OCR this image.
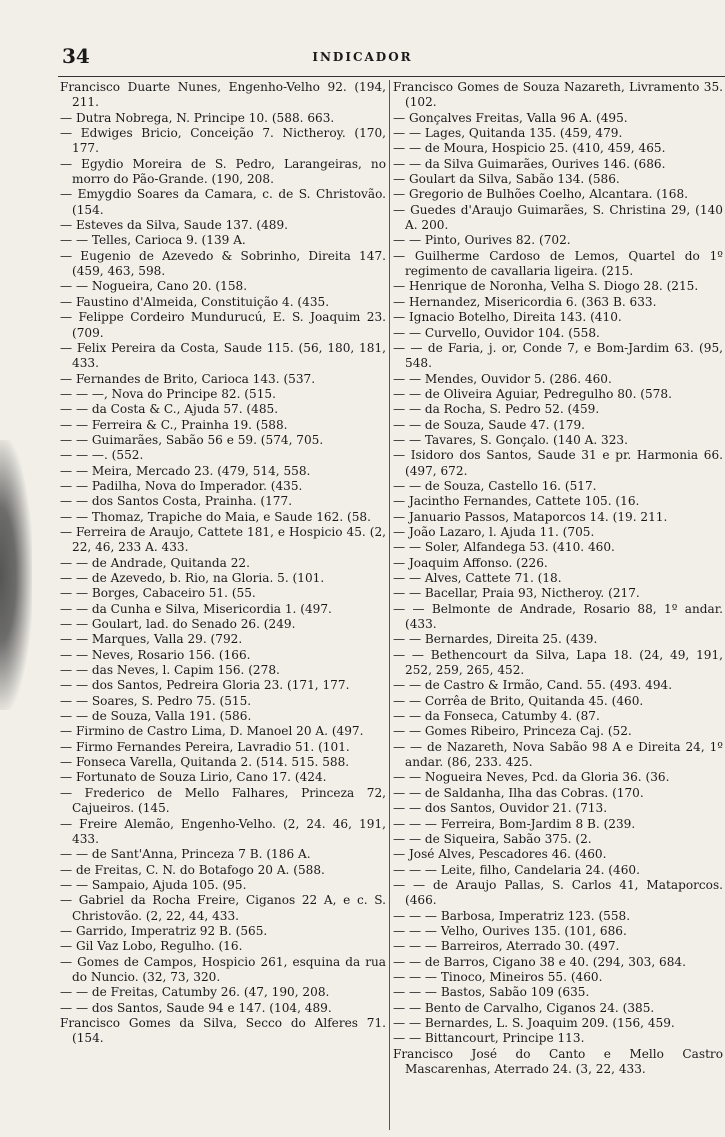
34	INDICADOR

Francisco Duarte Nunes, Engenho-Velho 92. (194, 211.

— Dutra Nobrega, N. Principe 10. (588. 663.

— Edwiges Bricio, Conceição 7. Nictheroy. (170, 177.

— Egydio Moreira de S. Pedro, Larangeiras, no morro do Pão-Grande. (190, 208.

— Emygdio Soares da Camara, c. de S. Christovão. (154.

— Esteves da Silva, Saude 137. (489.

— — Telles, Carioca 9. (139 A.

— Eugenio de Azevedo & Sobrinho, Direita 147. (459, 463, 598.

— — Nogueira, Cano 20. (158.

— Faustino d'Almeida, Constituição 4. (435.

— Felippe Cordeiro Mundurucú, E. S. Joaquim 23. (709.

— Felix Pereira da Costa, Saude 115. (56, 180, 181, 433.

— Fernandes de Brito, Carioca 143. (537.

— — —, Nova do Principe 82. (515.

— — da Costa & C., Ajuda 57. (485.

— — Ferreira & C., Prainha 19. (588.

— — Guimarães, Sabão 56 e 59. (574, 705.

— — —. (552.

— — Meira, Mercado 23. (479, 514, 558.

— — Padilha, Nova do Imperador. (435.

— — dos Santos Costa, Prainha. (177.

— — Thomaz, Trapiche do Maia, e Saude 162. (58.

— Ferreira de Araujo, Cattete 181, e Hospicio 45. (2, 22, 46, 233 A. 433.

— — de Andrade, Quitanda 22.

— — de Azevedo, b. Rio, na Gloria. 5. (101.

— — Borges, Cabaceiro 51. (55.

— — da Cunha e Silva, Misericordia 1. (497.

— — Goulart, lad. do Senado 26. (249.

— — Marques, Valla 29. (792.

— — Neves, Rosario 156. (166.

— — das Neves, l. Capim 156. (278.

— — dos Santos, Pedreira Gloria 23. (171, 177.

— — Soares, S. Pedro 75. (515.

— — de Souza, Valla 191. (586.

— Firmino de Castro Lima, D. Manoel 20 A. (497.

— Firmo Fernandes Pereira, Lavradio 51. (101.

— Fonseca Varella, Quitanda 2. (514. 515. 588.

— Fortunato de Souza Lirio, Cano 17. (424.

— Frederico de Mello Falhares, Princeza 72, Cajueiros. (145.

— Freire Alemão, Engenho-Velho. (2, 24. 46, 191, 433.

— — de Sant'Anna, Princeza 7 B. (186 A.

— de Freitas, C. N. do Botafogo 20 A. (588.

— — Sampaio, Ajuda 105. (95.

— Gabriel da Rocha Freire, Ciganos 22 A, e c. S. Christovão. (2, 22, 44, 433.

— Garrido, Imperatriz 92 B. (565.

— Gil Vaz Lobo, Regulho. (16.

— Gomes de Campos, Hospicio 261, esquina da rua do Nuncio. (32, 73, 320.

— — de Freitas, Catumby 26. (47, 190, 208.

— — dos Santos, Saude 94 e 147. (104, 489.

Francisco Gomes da Silva, Secco do Alferes 71. (154.

Francisco Gomes de Souza Nazareth, Livramento 35. (102.

— Gonçalves Freitas, Valla 96 A. (495.

— — Lages, Quitanda 135. (459, 479.

— — de Moura, Hospicio 25. (410, 459, 465.

— — da Silva Guimarães, Ourives 146. (686.

— Goulart da Silva, Sabão 134. (586.

— Gregorio de Bulhões Coelho, Alcantara. (168.

— Guedes d'Araujo Guimarães, S. Christina 29, (140 A. 200.

— — Pinto, Ourives 82. (702.

— Guilherme Cardoso de Lemos, Quartel do 1º regimento de cavallaria ligeira. (215.

— Henrique de Noronha, Velha S. Diogo 28. (215.

— Hernandez, Misericordia 6. (363 B. 633.

— Ignacio Botelho, Direita 143. (410.

— — Curvello, Ouvidor 104. (558.

— — de Faria, j. or, Conde 7, e Bom-Jardim 63. (95, 548.

— — Mendes, Ouvidor 5. (286. 460.

— — de Oliveira Aguiar, Pedregulho 80. (578.

— — da Rocha, S. Pedro 52. (459.

— — de Souza, Saude 47. (179.

— — Tavares, S. Gonçalo. (140 A. 323.

— Isidoro dos Santos, Saude 31 e pr. Harmonia 66. (497, 672.

— — de Souza, Castello 16. (517.

— Jacintho Fernandes, Cattete 105. (16.

— Januario Passos, Mataporcos 14. (19. 211.

— João Lazaro, l. Ajuda 11. (705.

— — Soler, Alfandega 53. (410. 460.

— Joaquim Affonso. (226.

— — Alves, Cattete 71. (18.

— — Bacellar, Praia 93, Nictheroy. (217.

— — Belmonte de Andrade, Rosario 88, 1º andar. (433.

— — Bernardes, Direita 25. (439.

— — Bethencourt da Silva, Lapa 18. (24, 49, 191, 252, 259, 265, 452.

— — de Castro & Irmão, Cand. 55. (493. 494.

— — Corrêa de Brito, Quitanda 45. (460.

— — da Fonseca, Catumby 4. (87.

— — Gomes Ribeiro, Princeza Caj. (52.

— — de Nazareth, Nova Sabão 98 A e Direita 24, 1º andar. (86, 233. 425.

— — Nogueira Neves, Pcd. da Gloria 36. (36.

— — de Saldanha, Ilha das Cobras. (170.

— — dos Santos, Ouvidor 21. (713.

— — — Ferreira, Bom-Jardim 8 B. (239.

— — de Siqueira, Sabão 375. (2.

— José Alves, Pescadores 46. (460.

— — — Leite, filho, Candelaria 24. (460.

— — de Araujo Pallas, S. Carlos 41, Mataporcos. (466.

— — — Barbosa, Imperatriz 123. (558.

— — — Velho, Ourives 135. (101, 686.

— — — Barreiros, Aterrado 30. (497.

— — de Barros, Cigano 38 e 40. (294, 303, 684.

— — — Tinoco, Mineiros 55. (460.

— — — Bastos, Sabão 109 (635.

— — Bento de Carvalho, Ciganos 24. (385.

— — Bernardes, L. S. Joaquim 209. (156, 459.

— — Bittancourt, Principe 113.

Francisco José do Canto e Mello Castro Mascarenhas, Aterrado 24. (3, 22, 433.
